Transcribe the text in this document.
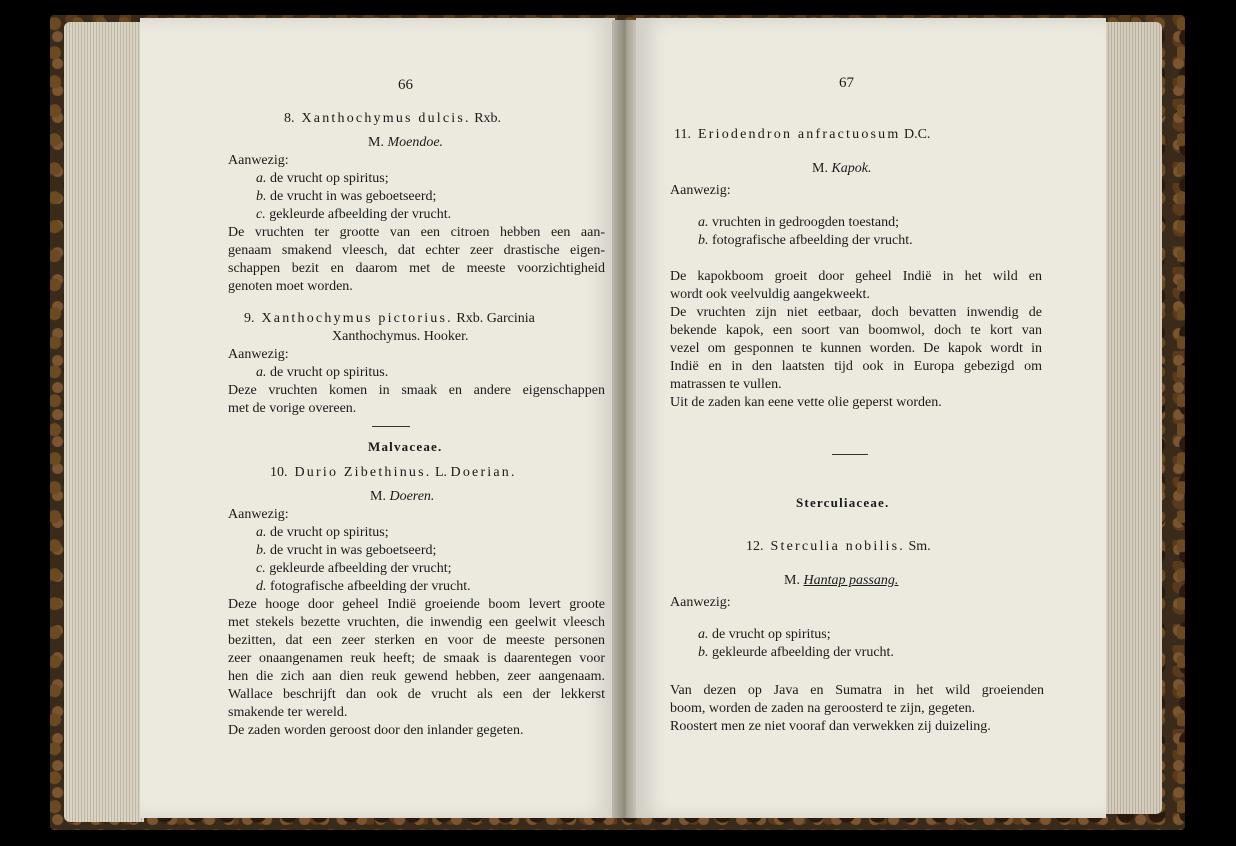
66
8. Xanthochymus dulcis. Rxb.
M. Moendoe.
Aanwezig:
a. de vrucht op spiritus;
b. de vrucht in was geboetseerd;
c. gekleurde afbeelding der vrucht.
De vruchten ter grootte van een citroen hebben een aan-
genaam smakend vleesch, dat echter zeer drastische eigen-
schappen bezit en daarom met de meeste voorzichtigheid
genoten moet worden.
9. Xanthochymus pictorius. Rxb. Garcinia
Xanthochymus. Hooker.
Aanwezig:
a. de vrucht op spiritus.
Deze vruchten komen in smaak en andere eigenschappen
met de vorige overeen.
Malvaceae.
10. Durio Zibethinus. L. Doerian.
M. Doeren.
Aanwezig:
a. de vrucht op spiritus;
b. de vrucht in was geboetseerd;
c. gekleurde afbeelding der vrucht;
d. fotografische afbeelding der vrucht.
Deze hooge door geheel Indië groeiende boom levert groote
met stekels bezette vruchten, die inwendig een geelwit vleesch
bezitten, dat een zeer sterken en voor de meeste personen
zeer onaangenamen reuk heeft; de smaak is daarentegen voor
hen die zich aan dien reuk gewend hebben, zeer aangenaam.
Wallace beschrijft dan ook de vrucht als een der lekkerst
smakende ter wereld.
De zaden worden geroost door den inlander gegeten.
67
11. Eriodendron anfractuosum D.C.
M. Kapok.
Aanwezig:
a. vruchten in gedroogden toestand;
b. fotografische afbeelding der vrucht.
De kapokboom groeit door geheel Indië in het wild en
wordt ook veelvuldig aangekweekt.
De vruchten zijn niet eetbaar, doch bevatten inwendig de
bekende kapok, een soort van boomwol, doch te kort van
vezel om gesponnen te kunnen worden. De kapok wordt in
Indië en in den laatsten tijd ook in Europa gebezigd om
matrassen te vullen.
Uit de zaden kan eene vette olie geperst worden.
Sterculiaceae.
12. Sterculia nobilis. Sm.
M. Hantap passang.
Aanwezig:
a. de vrucht op spiritus;
b. gekleurde afbeelding der vrucht.
Van dezen op Java en Sumatra in het wild groeienden
boom, worden de zaden na geroosterd te zijn, gegeten.
Roostert men ze niet vooraf dan verwekken zij duizeling.
